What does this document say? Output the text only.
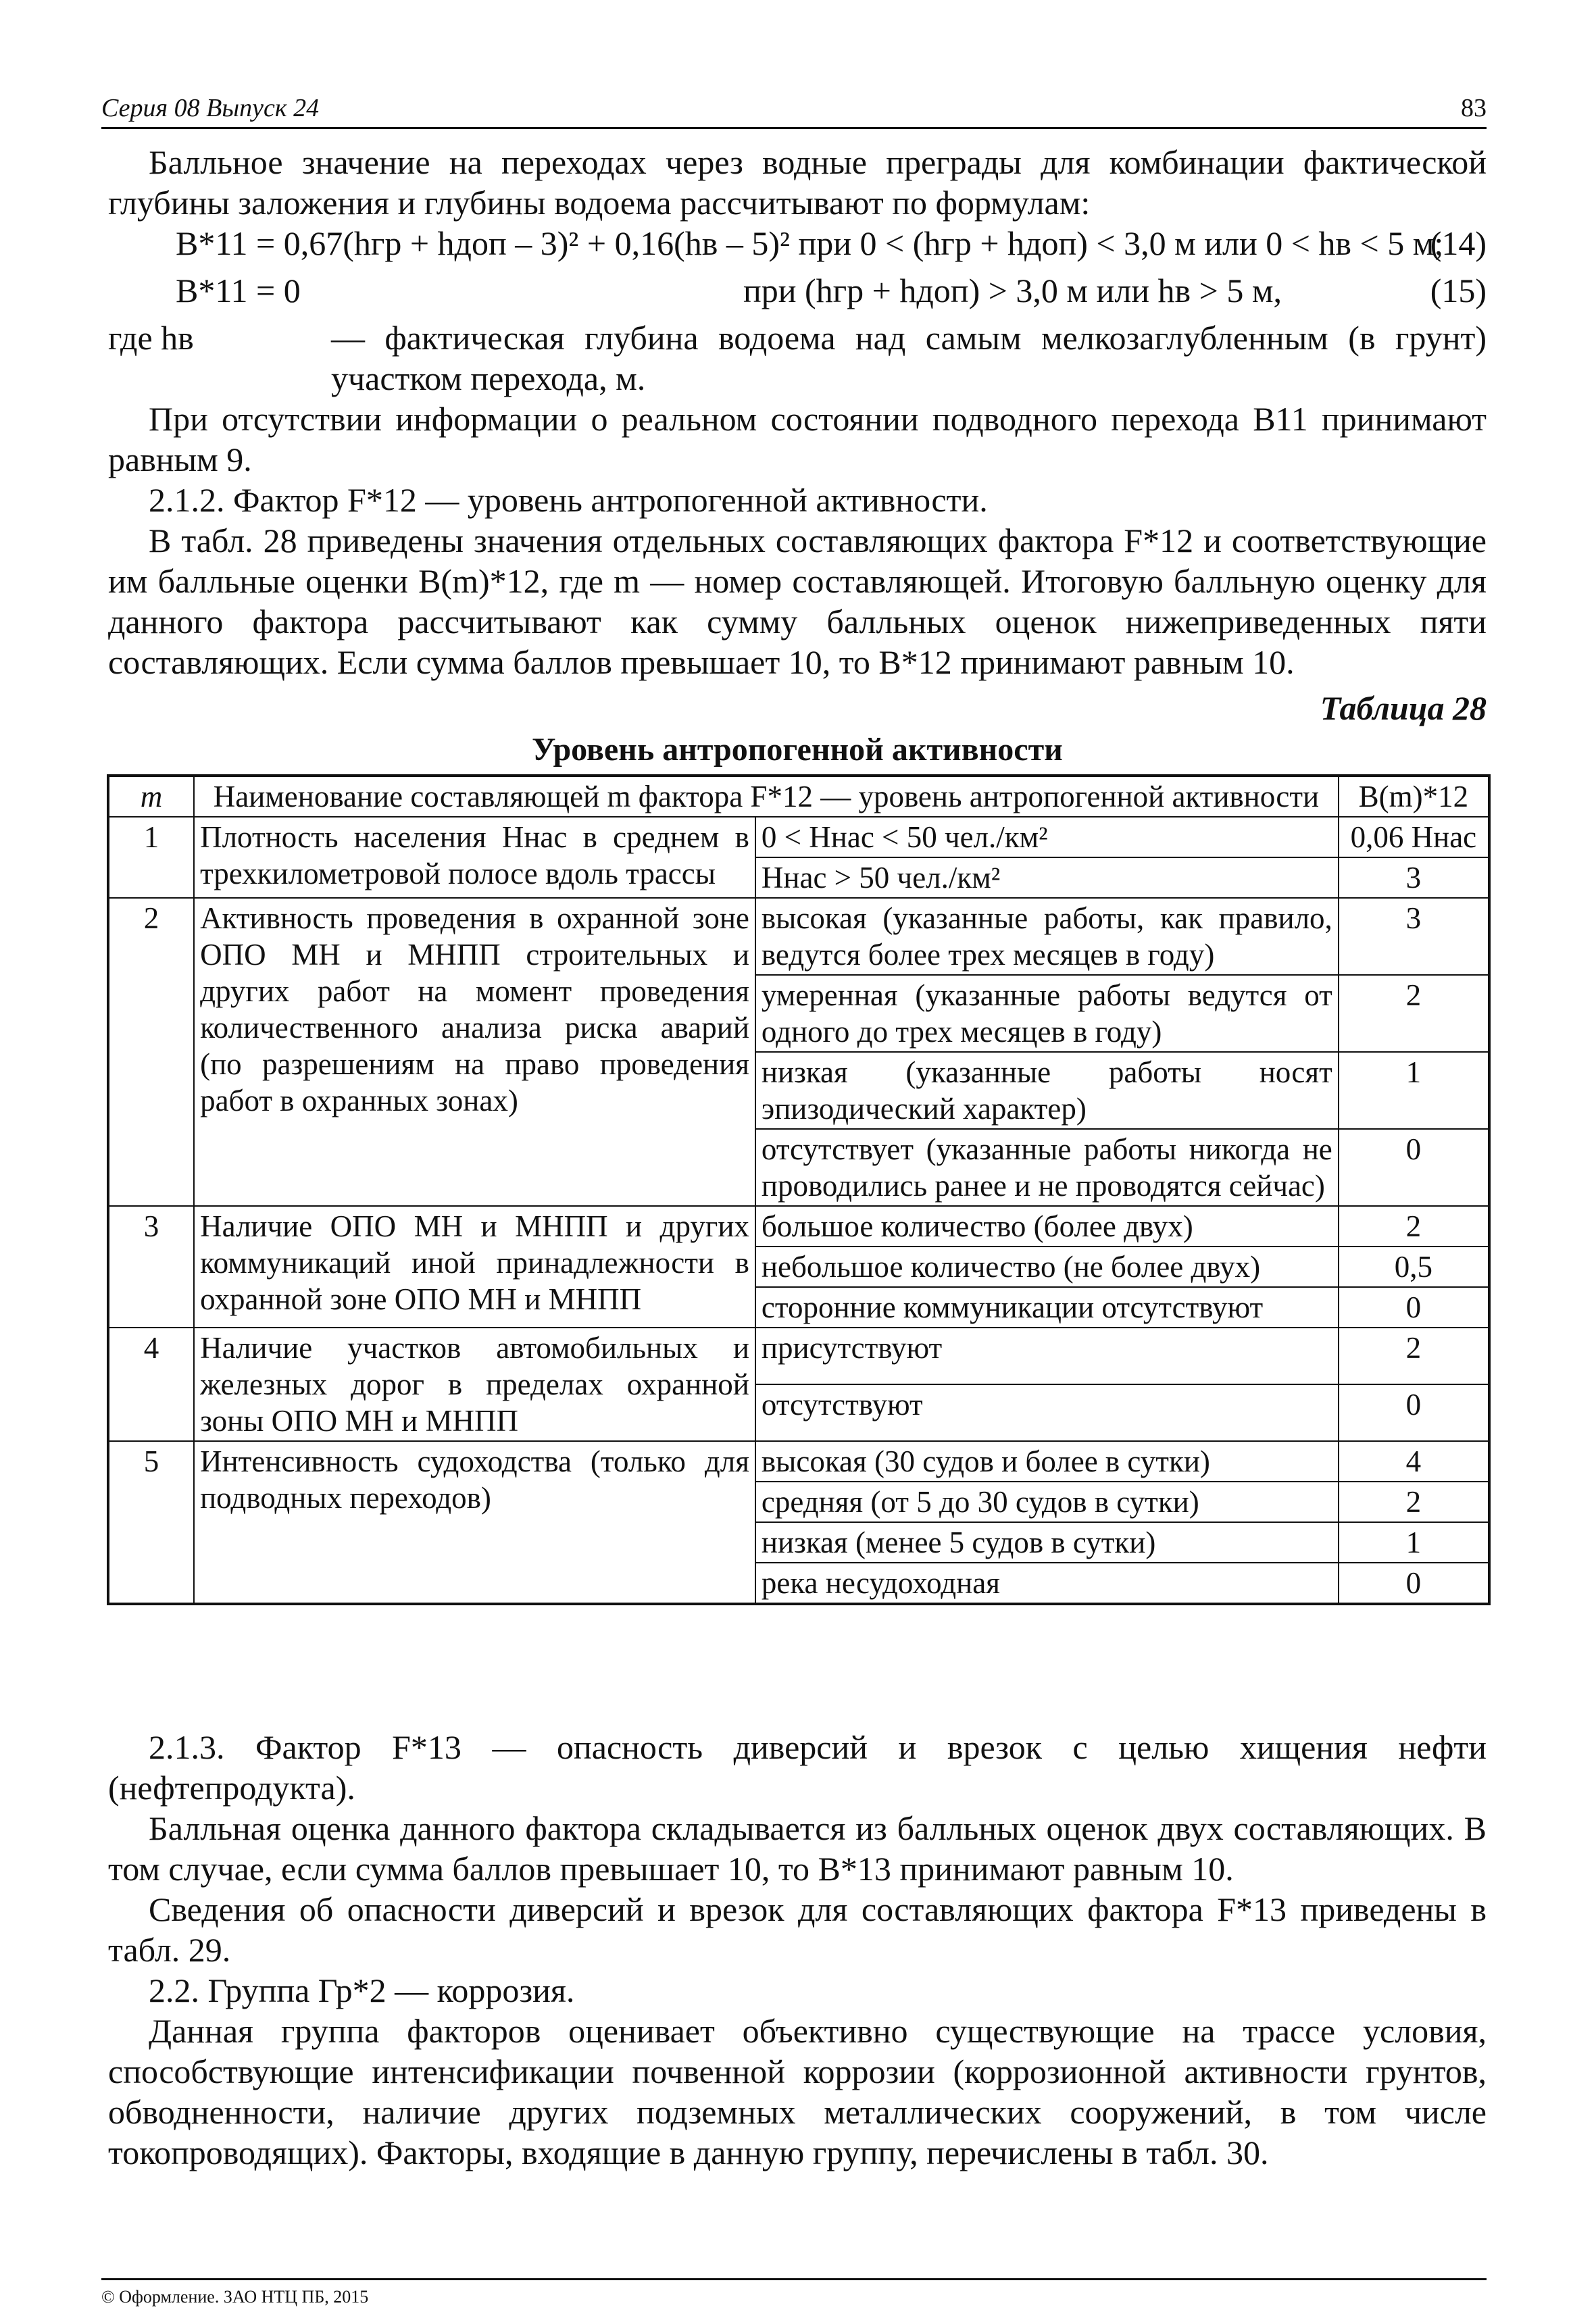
Серия 08 Выпуск 24	83

Балльное значение на переходах через водные преграды для комбинации фактической глубины заложения и глубины водоема рассчитывают по формулам:

B*11 = 0,67(hгр + hдоп – 3)² + 0,16(hв – 5)² при 0 < (hгр + hдоп) < 3,0 м или 0 < hв < 5 м;
(14)
B*11 = 0	при (hгр + hдоп) > 3,0 м или hв > 5 м,	(15)
где hв	— фактическая глубина водоема над самым мелкозаглубленным (в грунт) участком перехода, м.

При отсутствии информации о реальном состоянии подводного перехода B11 принимают равным 9.

2.1.2. Фактор F*12 — уровень антропогенной активности.

В табл. 28 приведены значения отдельных составляющих фактора F*12 и соответствующие им балльные оценки B(m)*12, где m — номер составляющей. Итоговую балльную оценку для данного фактора рассчитывают как сумму балльных оценок нижеприведенных пяти составляющих. Если сумма баллов превышает 10, то B*12 принимают равным 10.

Таблица 28
Уровень антропогенной активности
m	Наименование составляющей m фактора F*12 — уровень антропогенной активности		B(m)*12
1	Плотность населения Hнас в среднем в трехкилометровой полосе вдоль трассы	0 < Hнас < 50 чел./км²	0,06 Hнас
		Hнас > 50 чел./км²	3
2	Активность проведения в охранной зоне ОПО МН и МНПП строительных и других работ на момент проведения количественного анализа риска аварий (по разрешениям на право проведения работ в охранных зонах)	высокая (указанные работы, как правило, ведутся более трех месяцев в году)	3
		умеренная (указанные работы ведутся от одного до трех месяцев в году)	2
		низкая (указанные работы носят эпизодический характер)	1
		отсутствует (указанные работы никогда не проводились ранее и не проводятся сейчас)	0
3	Наличие ОПО МН и МНПП и других коммуникаций иной принадлежности в охранной зоне ОПО МН и МНПП	большое количество (более двух)	2
		небольшое количество (не более двух)	0,5
		сторонние коммуникации отсутствуют	0
4	Наличие участков автомобильных и железных дорог в пределах охранной зоны ОПО МН и МНПП	присутствуют	2
		отсутствуют	0
5	Интенсивность судоходства (только для подводных переходов)	высокая (30 судов и более в сутки)	4
		средняя (от 5 до 30 судов в сутки)	2
		низкая (менее 5 судов в сутки)	1
		река несудоходная	0

2.1.3. Фактор F*13 — опасность диверсий и врезок с целью хищения нефти (нефтепродукта).

Балльная оценка данного фактора складывается из балльных оценок двух составляющих. В том случае, если сумма баллов превышает 10, то B*13 принимают равным 10.

Сведения об опасности диверсий и врезок для составляющих фактора F*13 приведены в табл. 29.

2.2. Группа Гр*2 — коррозия.

Данная группа факторов оценивает объективно существующие на трассе условия, способствующие интенсификации почвенной коррозии (коррозионной активности грунтов, обводненности, наличие других подземных металлических сооружений, в том числе токопроводящих). Факторы, входящие в данную группу, перечислены в табл. 30.

© Оформление. ЗАО НТЦ ПБ, 2015
